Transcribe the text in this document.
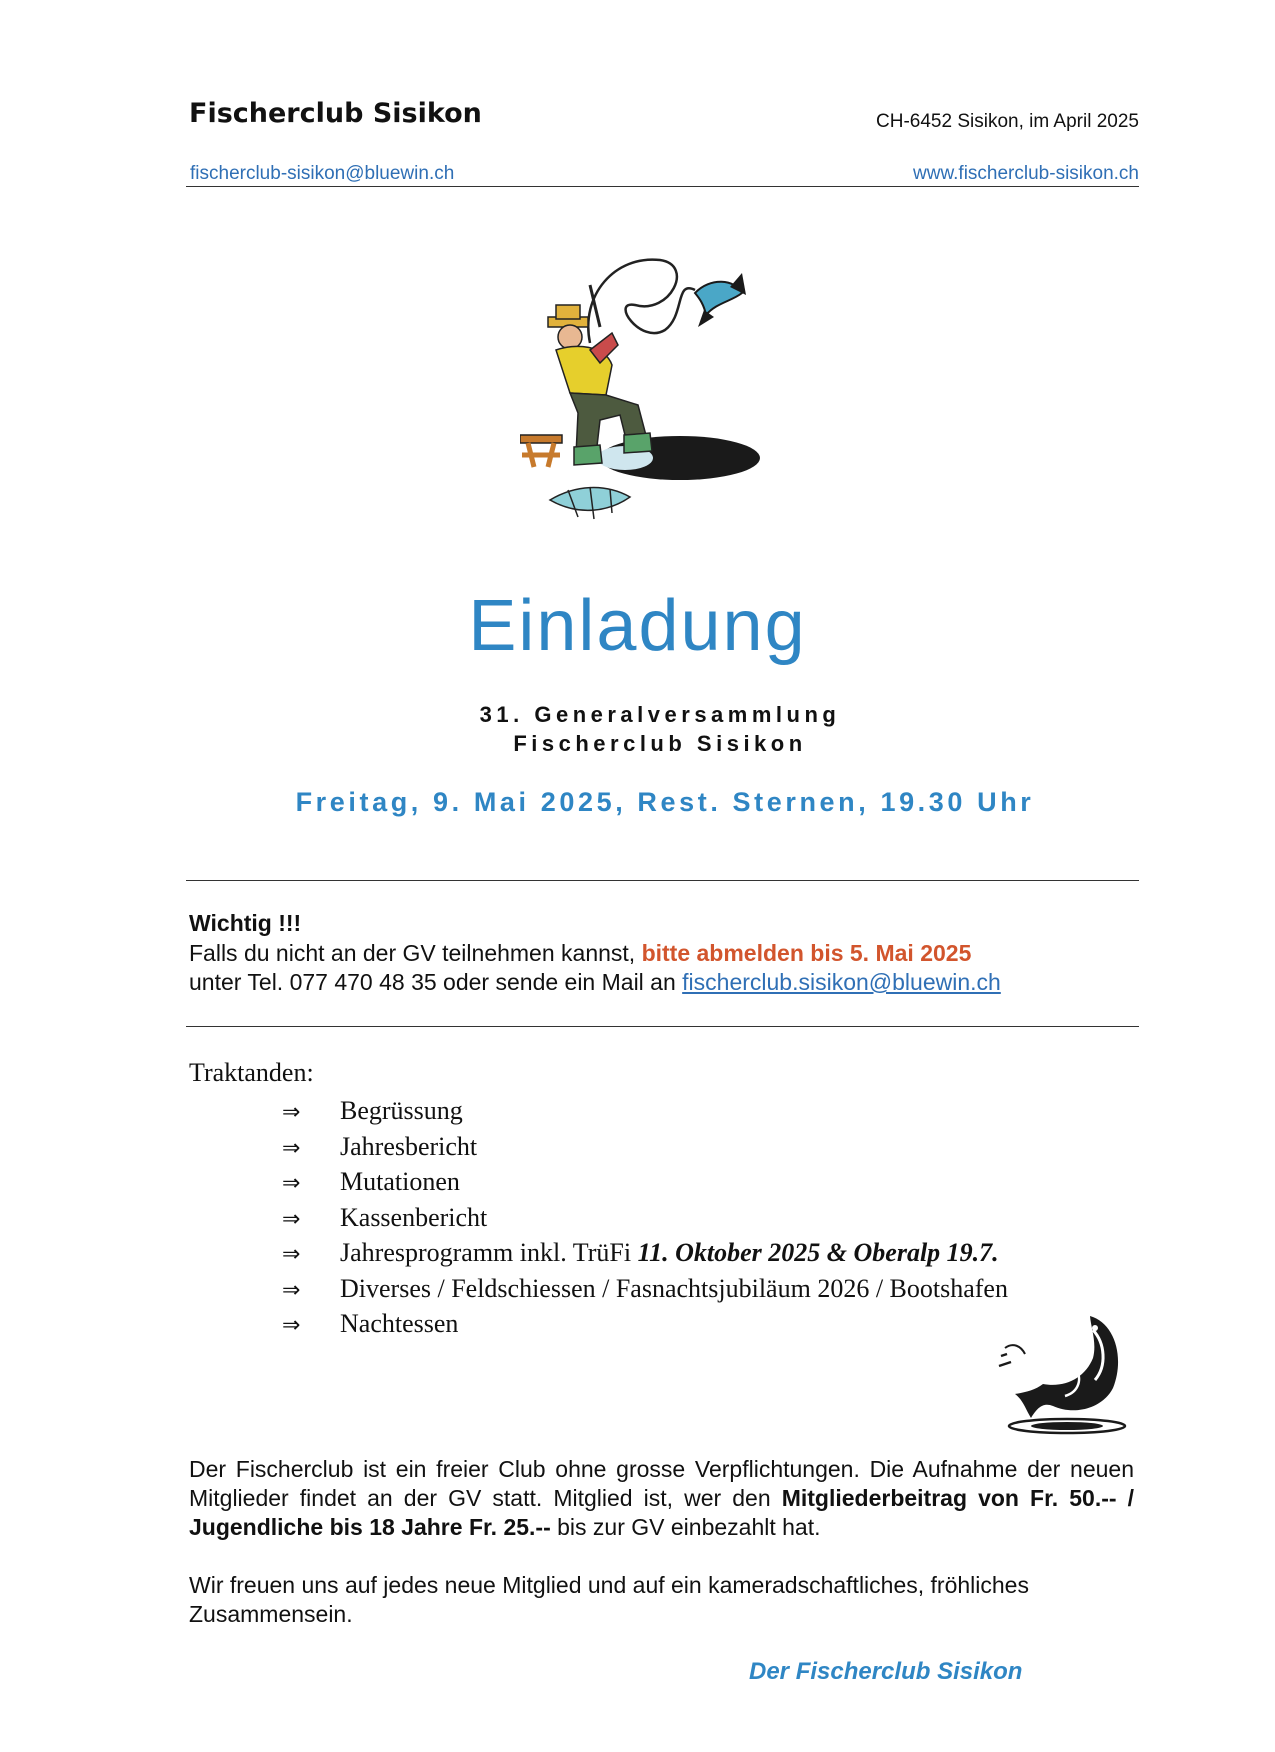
Fischerclub Sisikon	CH-6452 Sisikon, im April 2025
fischerclub-sisikon@bluewin.ch	www.fischerclub-sisikon.ch
Einladung
31. Generalversammlung
Fischerclub Sisikon
Freitag, 9. Mai 2025, Rest. Sternen, 19.30 Uhr
Wichtig !!!
Falls du nicht an der GV teilnehmen kannst, bitte abmelden bis 5. Mai 2025
unter Tel. 077 470 48 35 oder sende ein Mail an fischerclub.sisikon@bluewin.ch
Traktanden:
⇒ Begrüssung
⇒ Jahresbericht
⇒ Mutationen
⇒ Kassenbericht
⇒ Jahresprogramm inkl. TrüFi 11. Oktober 2025 & Oberalp 19.7.
⇒ Diverses / Feldschiessen / Fasnachtsjubiläum 2026 / Bootshafen
⇒ Nachtessen
Der Fischerclub ist ein freier Club ohne grosse Verpflichtungen. Die Aufnahme der neuen Mitglieder findet an der GV statt. Mitglied ist, wer den Mitgliederbeitrag von Fr. 50.-- / Jugendliche bis 18 Jahre Fr. 25.-- bis zur GV einbezahlt hat.
Wir freuen uns auf jedes neue Mitglied und auf ein kameradschaftliches, fröhliches Zusammensein.
Der Fischerclub Sisikon
